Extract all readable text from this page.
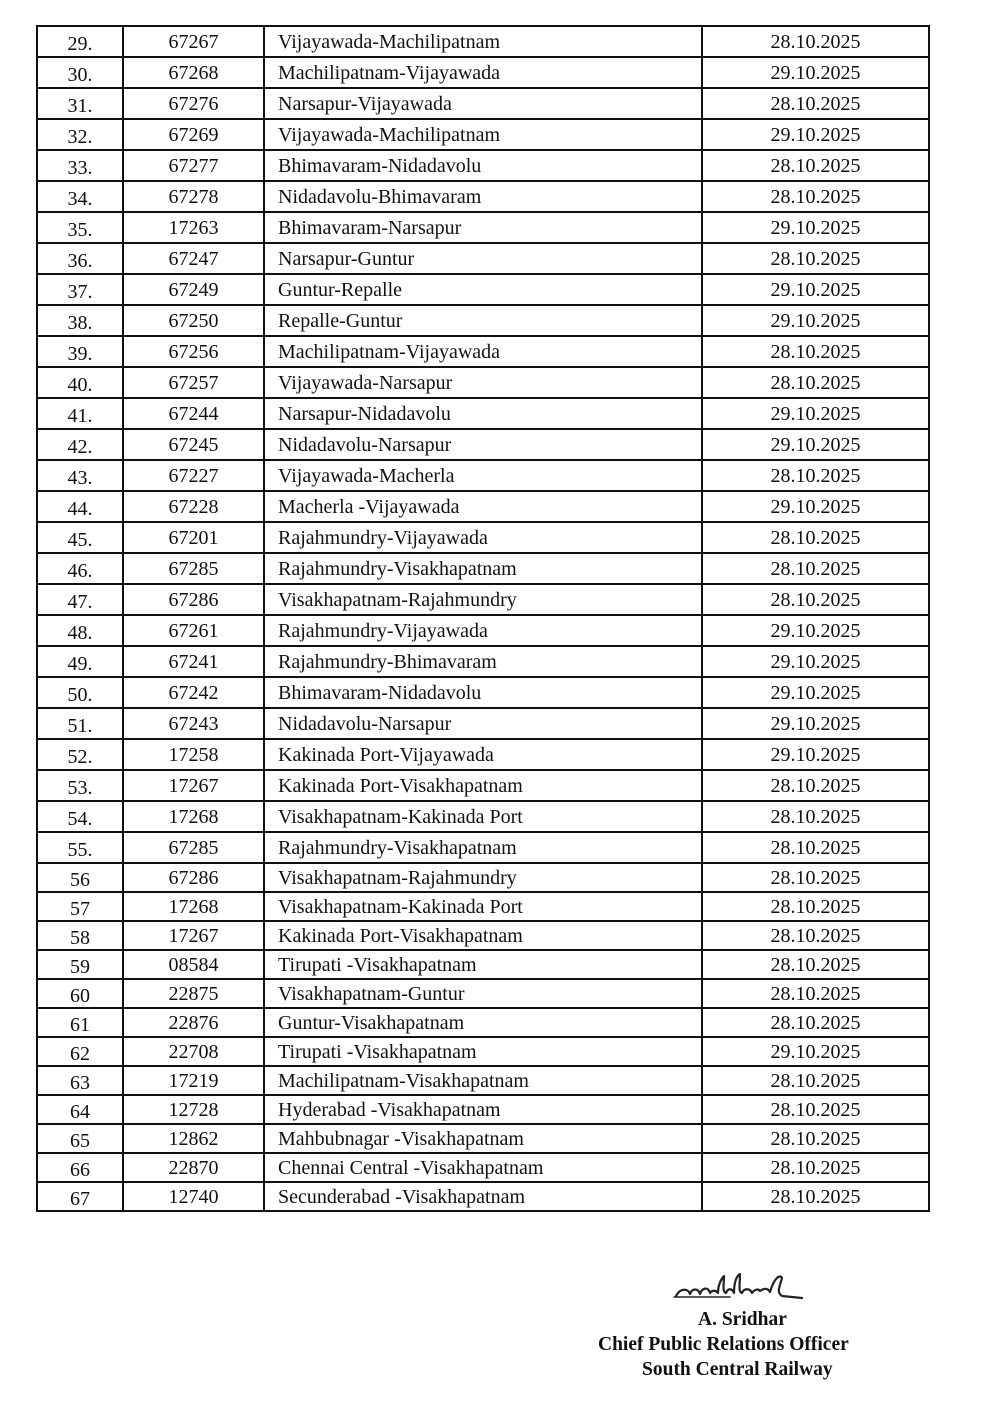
29.	67267	Vijayawada-Machilipatnam	28.10.2025
30.	67268	Machilipatnam-Vijayawada	29.10.2025
31.	67276	Narsapur-Vijayawada	28.10.2025
32.	67269	Vijayawada-Machilipatnam	29.10.2025
33.	67277	Bhimavaram-Nidadavolu	28.10.2025
34.	67278	Nidadavolu-Bhimavaram	28.10.2025
35.	17263	Bhimavaram-Narsapur	29.10.2025
36.	67247	Narsapur-Guntur	28.10.2025
37.	67249	Guntur-Repalle	29.10.2025
38.	67250	Repalle-Guntur	29.10.2025
39.	67256	Machilipatnam-Vijayawada	28.10.2025
40.	67257	Vijayawada-Narsapur	28.10.2025
41.	67244	Narsapur-Nidadavolu	29.10.2025
42.	67245	Nidadavolu-Narsapur	29.10.2025
43.	67227	Vijayawada-Macherla	28.10.2025
44.	67228	Macherla -Vijayawada	29.10.2025
45.	67201	Rajahmundry-Vijayawada	28.10.2025
46.	67285	Rajahmundry-Visakhapatnam	28.10.2025
47.	67286	Visakhapatnam-Rajahmundry	28.10.2025
48.	67261	Rajahmundry-Vijayawada	29.10.2025
49.	67241	Rajahmundry-Bhimavaram	29.10.2025
50.	67242	Bhimavaram-Nidadavolu	29.10.2025
51.	67243	Nidadavolu-Narsapur	29.10.2025
52.	17258	Kakinada Port-Vijayawada	29.10.2025
53.	17267	Kakinada Port-Visakhapatnam	28.10.2025
54.	17268	Visakhapatnam-Kakinada Port	28.10.2025
55.	67285	Rajahmundry-Visakhapatnam	28.10.2025
56	67286	Visakhapatnam-Rajahmundry	28.10.2025
57	17268	Visakhapatnam-Kakinada Port	28.10.2025
58	17267	Kakinada Port-Visakhapatnam	28.10.2025
59	08584	Tirupati -Visakhapatnam	28.10.2025
60	22875	Visakhapatnam-Guntur	28.10.2025
61	22876	Guntur-Visakhapatnam	28.10.2025
62	22708	Tirupati -Visakhapatnam	29.10.2025
63	17219	Machilipatnam-Visakhapatnam	28.10.2025
64	12728	Hyderabad -Visakhapatnam	28.10.2025
65	12862	Mahbubnagar -Visakhapatnam	28.10.2025
66	22870	Chennai Central -Visakhapatnam	28.10.2025
67	12740	Secunderabad -Visakhapatnam	28.10.2025
A. Sridhar
Chief Public Relations Officer
South Central Railway
